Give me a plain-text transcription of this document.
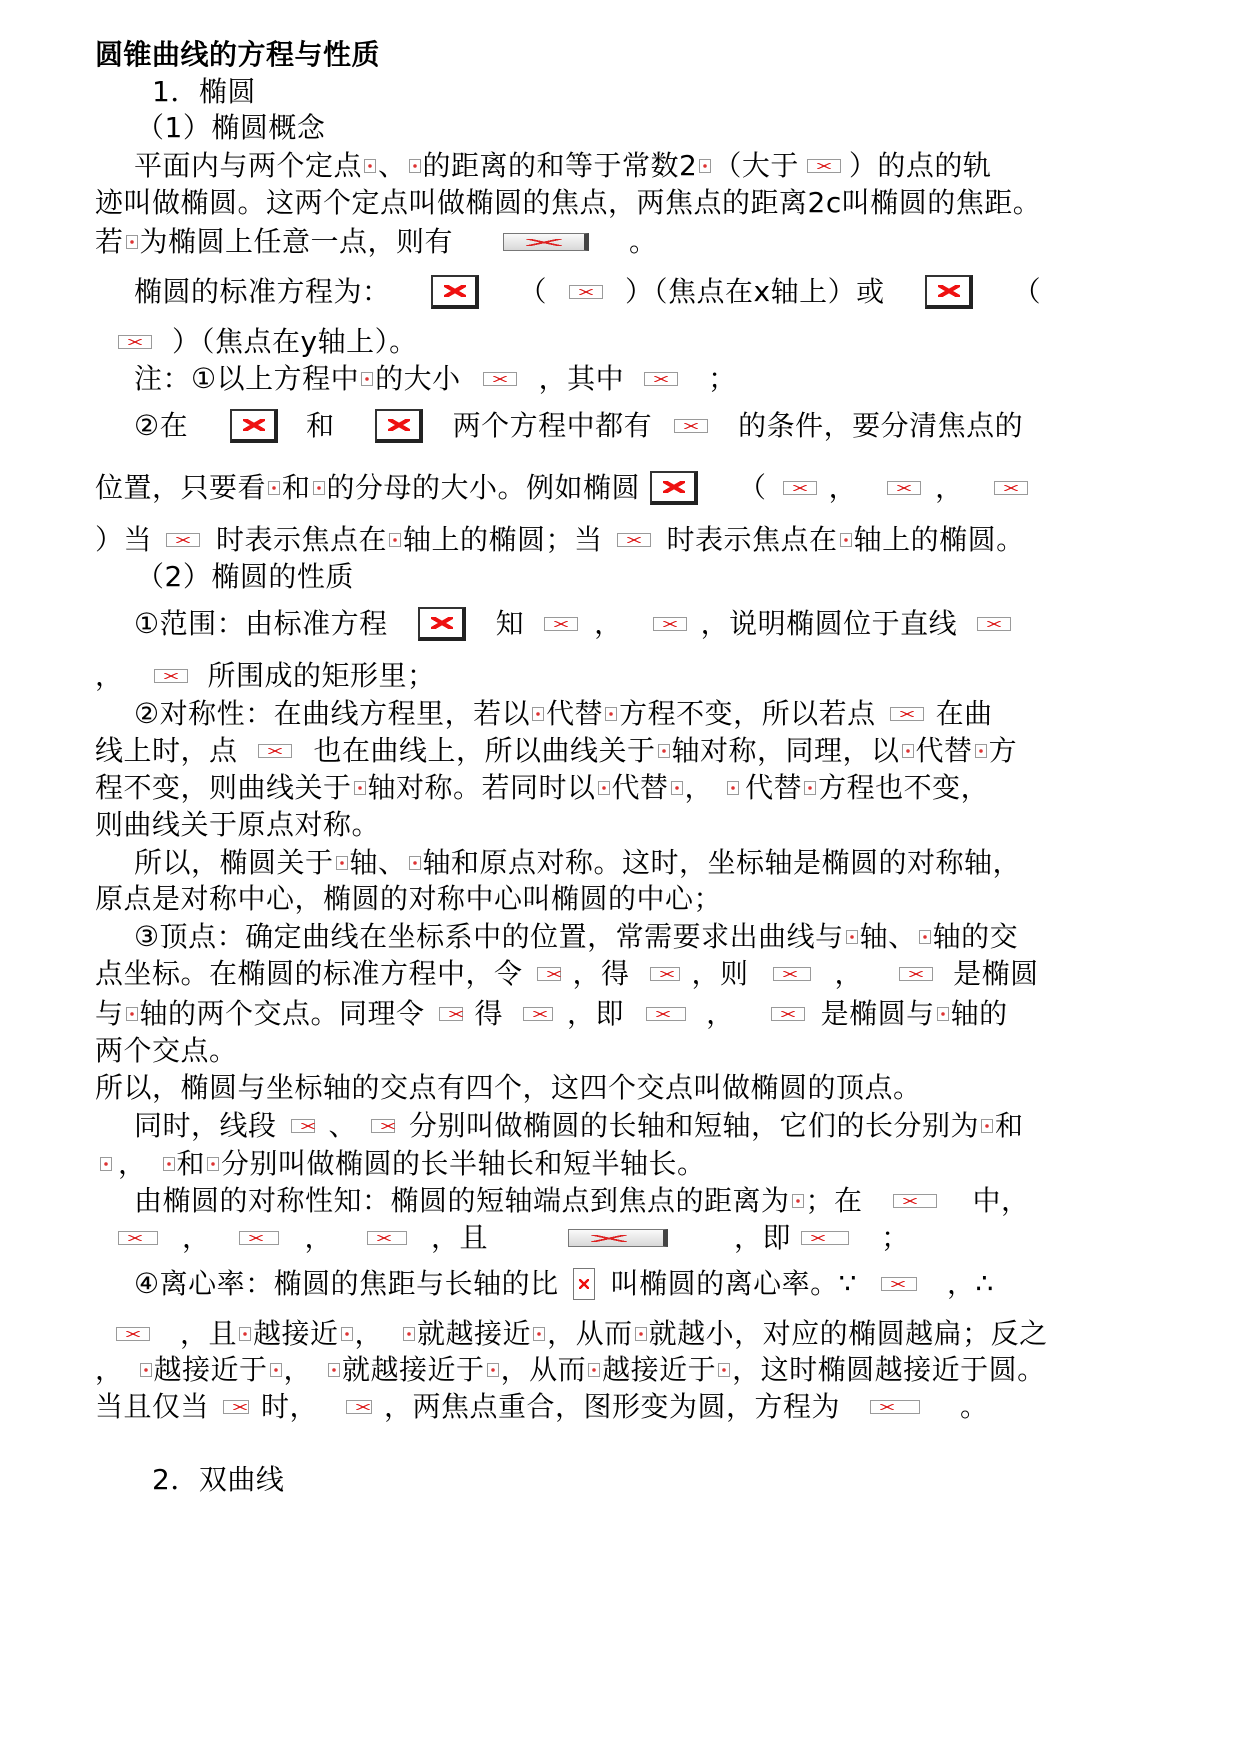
圆锥曲线的方程与性质
1．椭圆
（1）椭圆概念
平面内与两个定点 、 的距离的和等于常数2 （大于 ）的点的轨
迹叫做椭圆。这两个定点叫做椭圆的焦点，两焦点的距离2c叫椭圆的焦距。
若 为椭圆上任意一点，则有	。
椭圆的标准方程为：	（	）（焦点在x轴上）或	（
）（焦点在y轴上）。
注：①以上方程中 的大小	，其中	；
②在	和	两个方程中都有	的条件，要分清焦点的
位置，只要看 和 的分母的大小。例如椭圆	（ ，	，
）当 时表示焦点在 轴上的椭圆；当 时表示焦点在 轴上的椭圆。
（2）椭圆的性质
①范围：由标准方程	知	，	，说明椭圆位于直线
，	所围成的矩形里；
②对称性：在曲线方程里，若以 代替 方程不变，所以若点 在曲
线上时，点	也在曲线上，所以曲线关于 轴对称，同理，以 代替 方
程不变，则曲线关于 轴对称。若同时以 代替 ， 代替 方程也不变，
则曲线关于原点对称。
所以，椭圆关于 轴、 轴和原点对称。这时，坐标轴是椭圆的对称轴，
原点是对称中心，椭圆的对称中心叫椭圆的中心；
③顶点：确定曲线在坐标系中的位置，常需要求出曲线与 轴、 轴的交
点坐标。在椭圆的标准方程中，令 ，得 ，则	，	是椭圆
与 轴的两个交点。同理令 得 ，即	，	是椭圆与 轴的
两个交点。
所以，椭圆与坐标轴的交点有四个，这四个交点叫做椭圆的顶点。
同时，线段 、 分别叫做椭圆的长轴和短轴，它们的长分别为 和
， 和 分别叫做椭圆的长半轴长和短半轴长。
由椭圆的对称性知：椭圆的短轴端点到焦点的距离为 ；在	中，
，	，	，且	，即	；
④离心率：椭圆的焦距与长轴的比 叫椭圆的离心率。∵	，∴
，且 越接近 ， 就越接近 ，从而 就越小，对应的椭圆越扁；反之
， 越接近于 ， 就越接近于 ，从而 越接近于 ，这时椭圆越接近于圆。
当且仅当 时， ，两焦点重合，图形变为圆，方程为	。
2．双曲线
